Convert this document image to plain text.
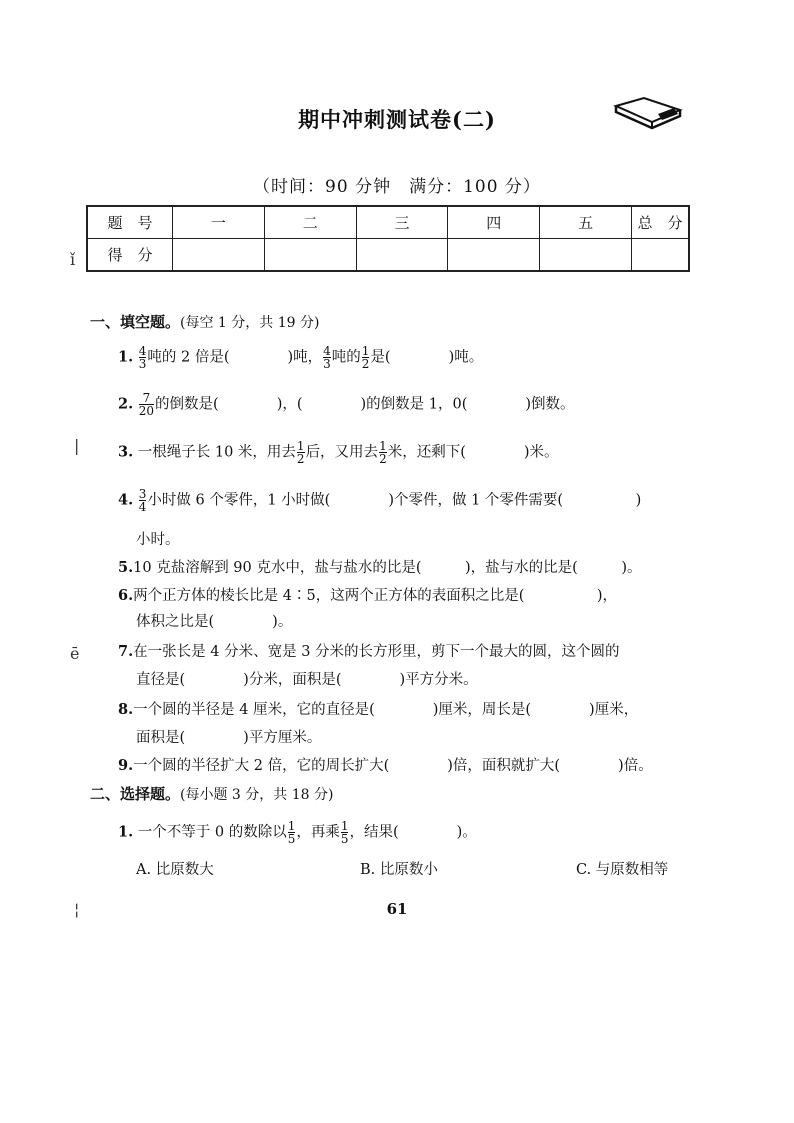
期中冲刺测试卷(二)
（时间：90 分钟　满分：100 分）
题　号	一	二	三	四	五	总　分
得　分						
ǐ
|
ē
一、填空题。(每空 1 分，共 19 分)
1. $\frac{4}{3}$ 吨的 2 倍是(　　　　)吨， $\frac{4}{3}$ 吨的 $\frac{1}{2}$ 是(　　　　)吨。
2. $\frac{7}{20}$ 的倒数是(　　　　)，(　　　　)的倒数是 1，0(　　　　)倒数。
3. 一根绳子长 10 米，用去 $\frac{1}{2}$ 后，又用去 $\frac{1}{2}$ 米，还剩下(　　　　)米。
4. $\frac{3}{4}$ 小时做 6 个零件，1 小时做(　　　　)个零件，做 1 个零件需要(　　　　　)
小时。
5.10 克盐溶解到 90 克水中，盐与盐水的比是(　　　)，盐与水的比是(　　　)。
6.两个正方体的棱长比是 4∶5，这两个正方体的表面积之比是(　　　　　)，
体积之比是(　　　　)。
7.在一张长是 4 分米、宽是 3 分米的长方形里，剪下一个最大的圆，这个圆的
直径是(　　　　)分米，面积是(　　　　)平方分米。
8.一个圆的半径是 4 厘米，它的直径是(　　　　)厘米，周长是(　　　　)厘米，
面积是(　　　　)平方厘米。
9.一个圆的半径扩大 2 倍，它的周长扩大(　　　　)倍，面积就扩大(　　　　)倍。
二、选择题。(每小题 3 分，共 18 分)
1. 一个不等于 0 的数除以 $\frac{1}{5}$ ，再乘 $\frac{1}{5}$ ，结果(　　　　)。
A. 比原数大	B. 比原数小	C. 与原数相等
¦	61
